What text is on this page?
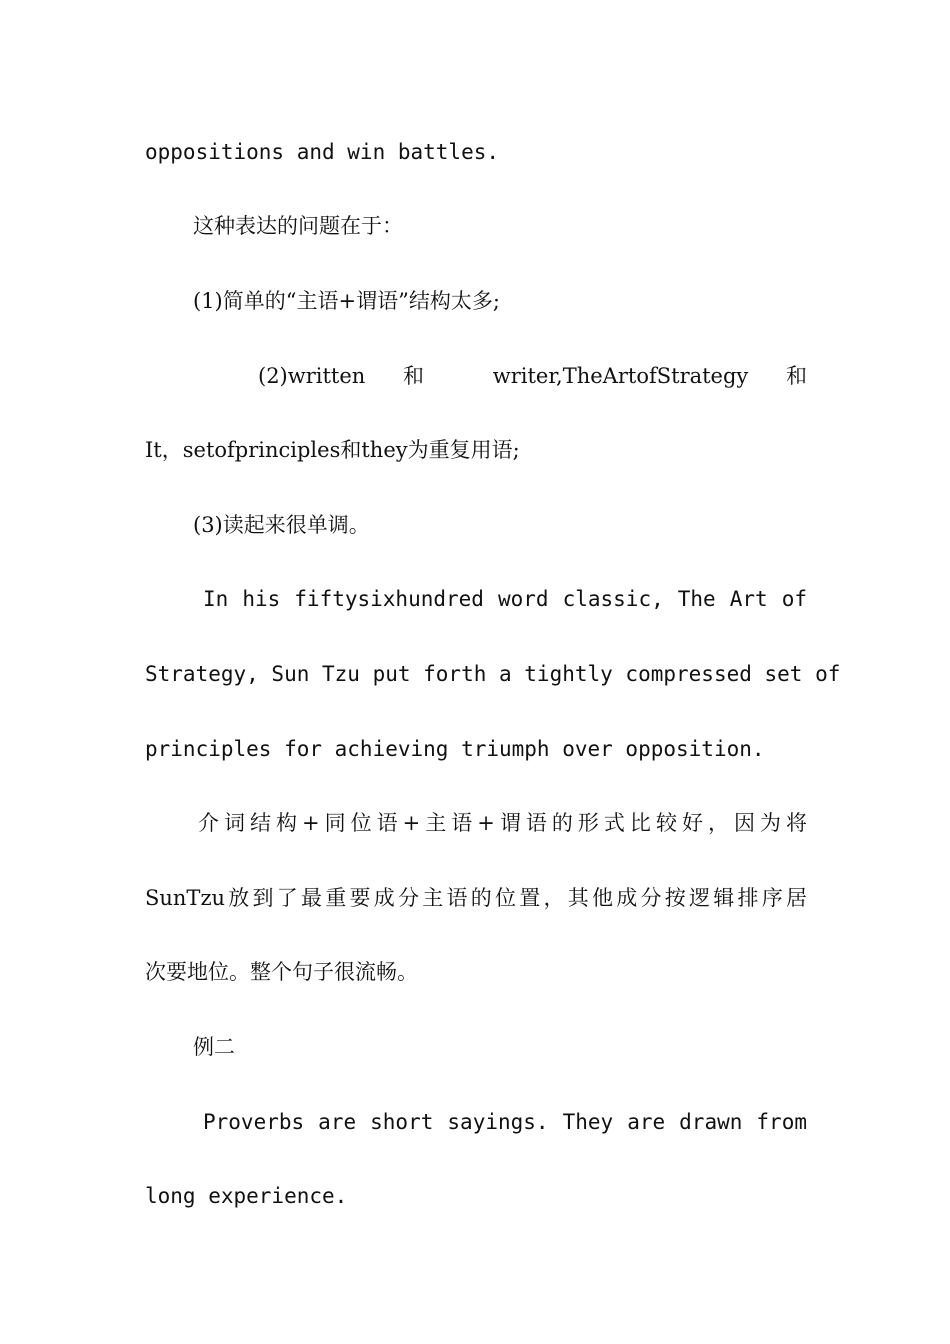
oppositions and win battles.
这种表达的问题在于：
(1)简单的“主语+谓语”结构太多;
(2)written 和 writer,TheArtofStrategy 和
It，setofprinciples和they为重复用语;
(3)读起来很单调。
In his fiftysixhundred word classic, The Art of
Strategy, Sun Tzu put forth a tightly compressed set of
principles for achieving triumph over opposition.
介词结构+同位语+主语+谓语的形式比较好，因为将
SunTzu放到了最重要成分主语的位置，其他成分按逻辑排序居
次要地位。整个句子很流畅。
例二
Proverbs are short sayings. They are drawn from
long experience.
